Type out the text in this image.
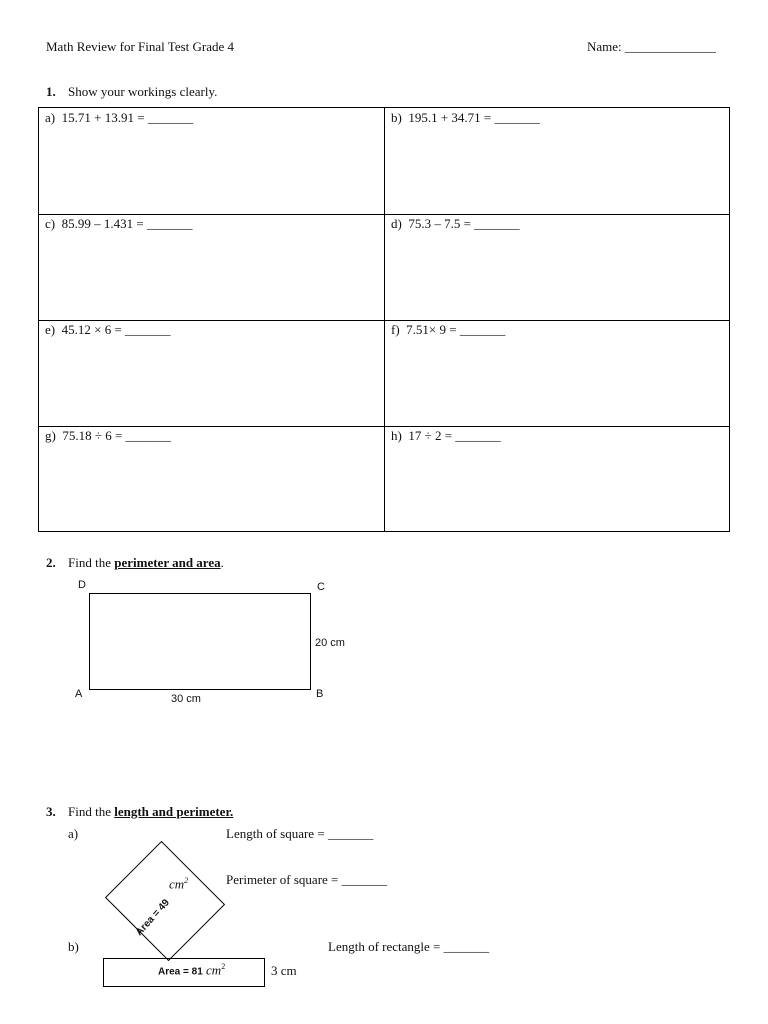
Math Review for Final Test Grade 4	Name: ______________
1. Show your workings clearly.
a) 15.71 + 13.91 = _______	b) 195.1 + 34.71 = _______
c) 85.99 – 1.431 = _______	d) 75.3 – 7.5 = _______
e) 45.12 × 6 = _______	f) 7.51× 9 = _______
g) 75.18 ÷ 6 = _______	h) 17 ÷ 2 = _______
2. Find the perimeter and area.
D	C
A	B
20 cm
30 cm
3. Find the length and perimeter.
a)	Length of square = _______
Perimeter of square = _______
Area = 49
$cm^2$
b)	Length of rectangle = _______
Area = 81 $cm^2$	3 cm
